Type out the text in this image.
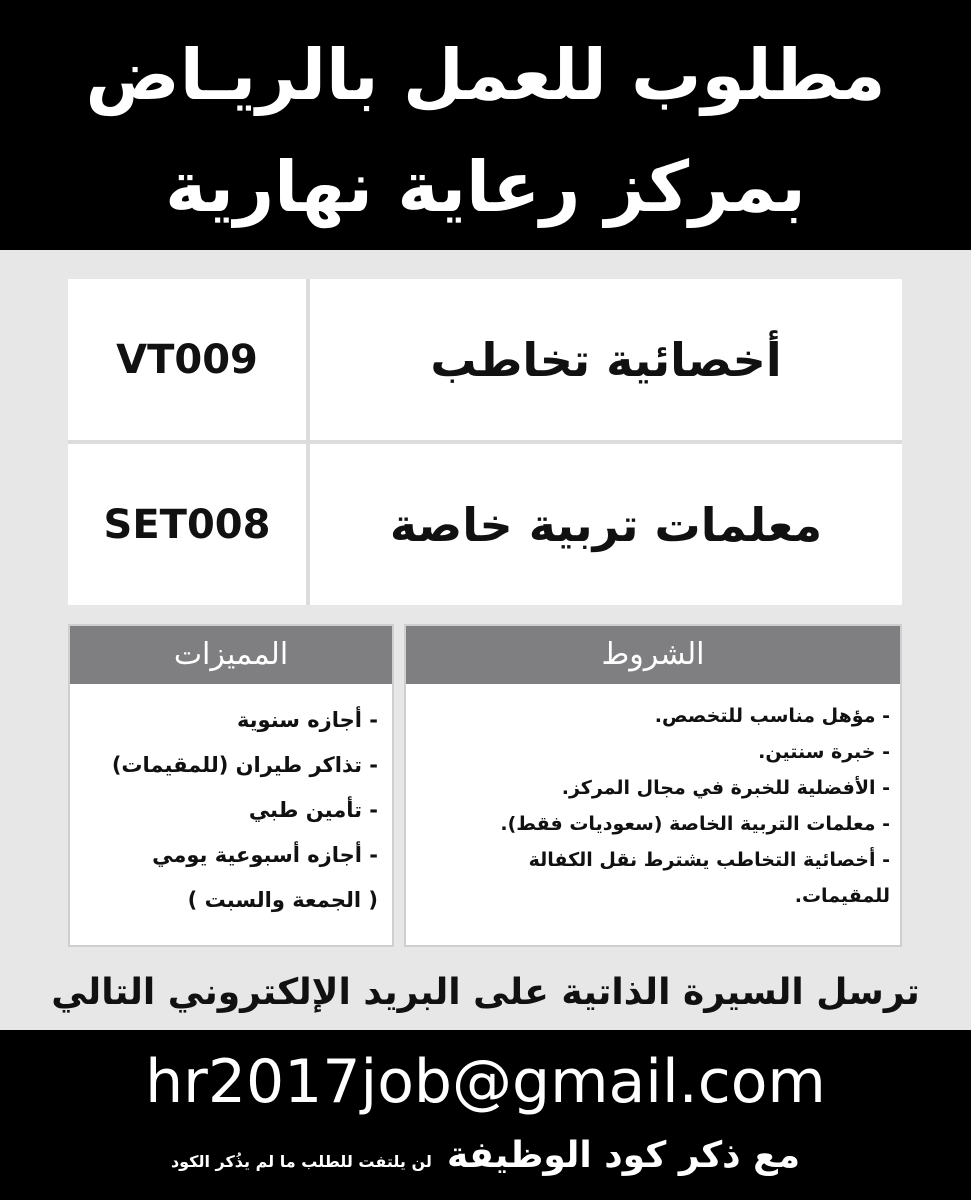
مطلوب للعمل بالريـاض
بمركز رعاية نهارية
أخصائية تخاطب
VT009
معلمات تربية خاصة
SET008
الشروط
- مؤهل مناسب للتخصص.
- خبرة سنتين.
- الأفضلية للخبرة في مجال المركز.
- معلمات التربية الخاصة (سعوديات فقط).
- أخصائية التخاطب يشترط نقل الكفالة
للمقيمات.
المميزات
- أجازه سنوية
- تذاكر طيران (للمقيمات)
- تأمين طبي
- أجازه أسبوعية يومي
( الجمعة والسبت )
ترسل السيرة الذاتية على البريد الإلكتروني التالي
hr2017job@gmail.com
مع ذكر كود الوظيفة لن يلتفت للطلب ما لم يذُكر الكود
